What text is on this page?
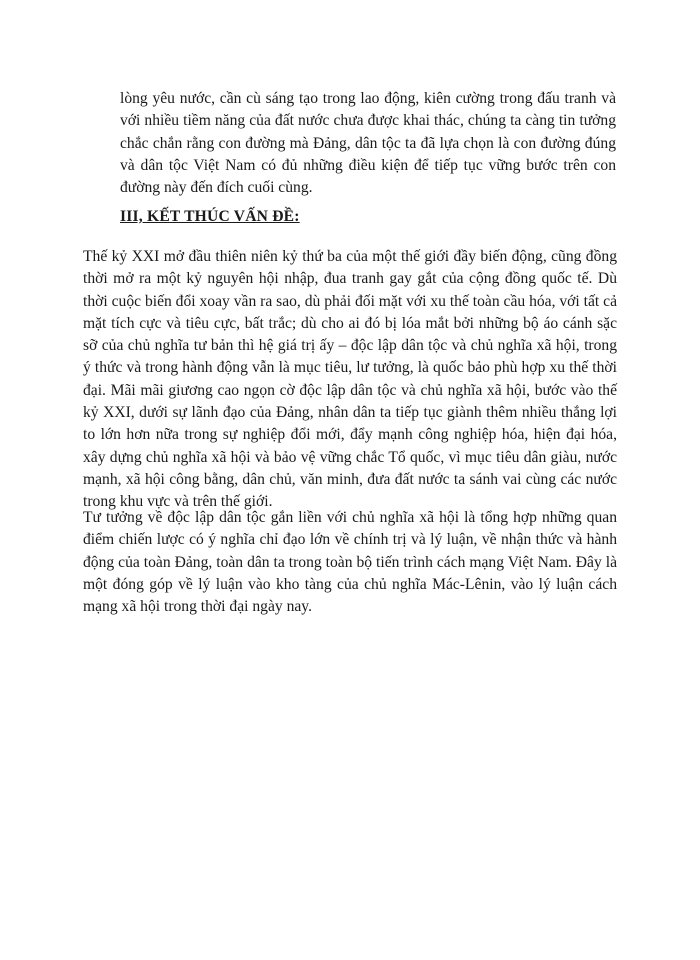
lòng yêu nước, cần cù sáng tạo trong lao động, kiên cường trong đấu tranh và với nhiều tiềm năng của đất nước chưa được khai thác, chúng ta càng tin tưởng chắc chắn rằng con đường mà Đảng, dân tộc ta đã lựa chọn là con đường đúng và dân tộc Việt Nam có đủ những điều kiện để tiếp tục vững bước trên con đường này đến đích cuối cùng.

III, KẾT THÚC VẤN ĐỀ:

Thế kỷ XXI mở đầu thiên niên kỷ thứ ba của một thế giới đầy biến động, cũng đồng thời mở ra một kỷ nguyên hội nhập, đua tranh gay gắt của cộng đồng quốc tế. Dù thời cuộc biến đổi xoay vần ra sao, dù phải đối mặt với xu thế toàn cầu hóa, với tất cả mặt tích cực và tiêu cực, bất trắc; dù cho ai đó bị lóa mắt bởi những bộ áo cánh sặc sỡ của chủ nghĩa tư bản thì hệ giá trị ấy – độc lập dân tộc và chủ nghĩa xã hội, trong ý thức và trong hành động vẫn là mục tiêu, lư tưởng, là quốc bảo phù hợp xu thế thời đại. Mãi mãi giương cao ngọn cờ độc lập dân tộc và chủ nghĩa xã hội, bước vào thế kỷ XXI, dưới sự lãnh đạo của Đảng, nhân dân ta tiếp tục giành thêm nhiều thắng lợi to lớn hơn nữa trong sự nghiệp đổi mới, đẩy mạnh công nghiệp hóa, hiện đại hóa, xây dựng chủ nghĩa xã hội và bảo vệ vững chắc Tổ quốc, vì mục tiêu dân giàu, nước mạnh, xã hội công bằng, dân chủ, văn minh, đưa đất nước ta sánh vai cùng các nước trong khu vực và trên thế giới.

Tư tưởng về độc lập dân tộc gắn liền với chủ nghĩa xã hội là tổng hợp những quan điểm chiến lược có ý nghĩa chỉ đạo lớn về chính trị và lý luận, về nhận thức và hành động của toàn Đảng, toàn dân ta trong toàn bộ tiến trình cách mạng Việt Nam. Đây là một đóng góp về lý luận vào kho tàng của chủ nghĩa Mác-Lênin, vào lý luận cách mạng xã hội trong thời đại ngày nay.
